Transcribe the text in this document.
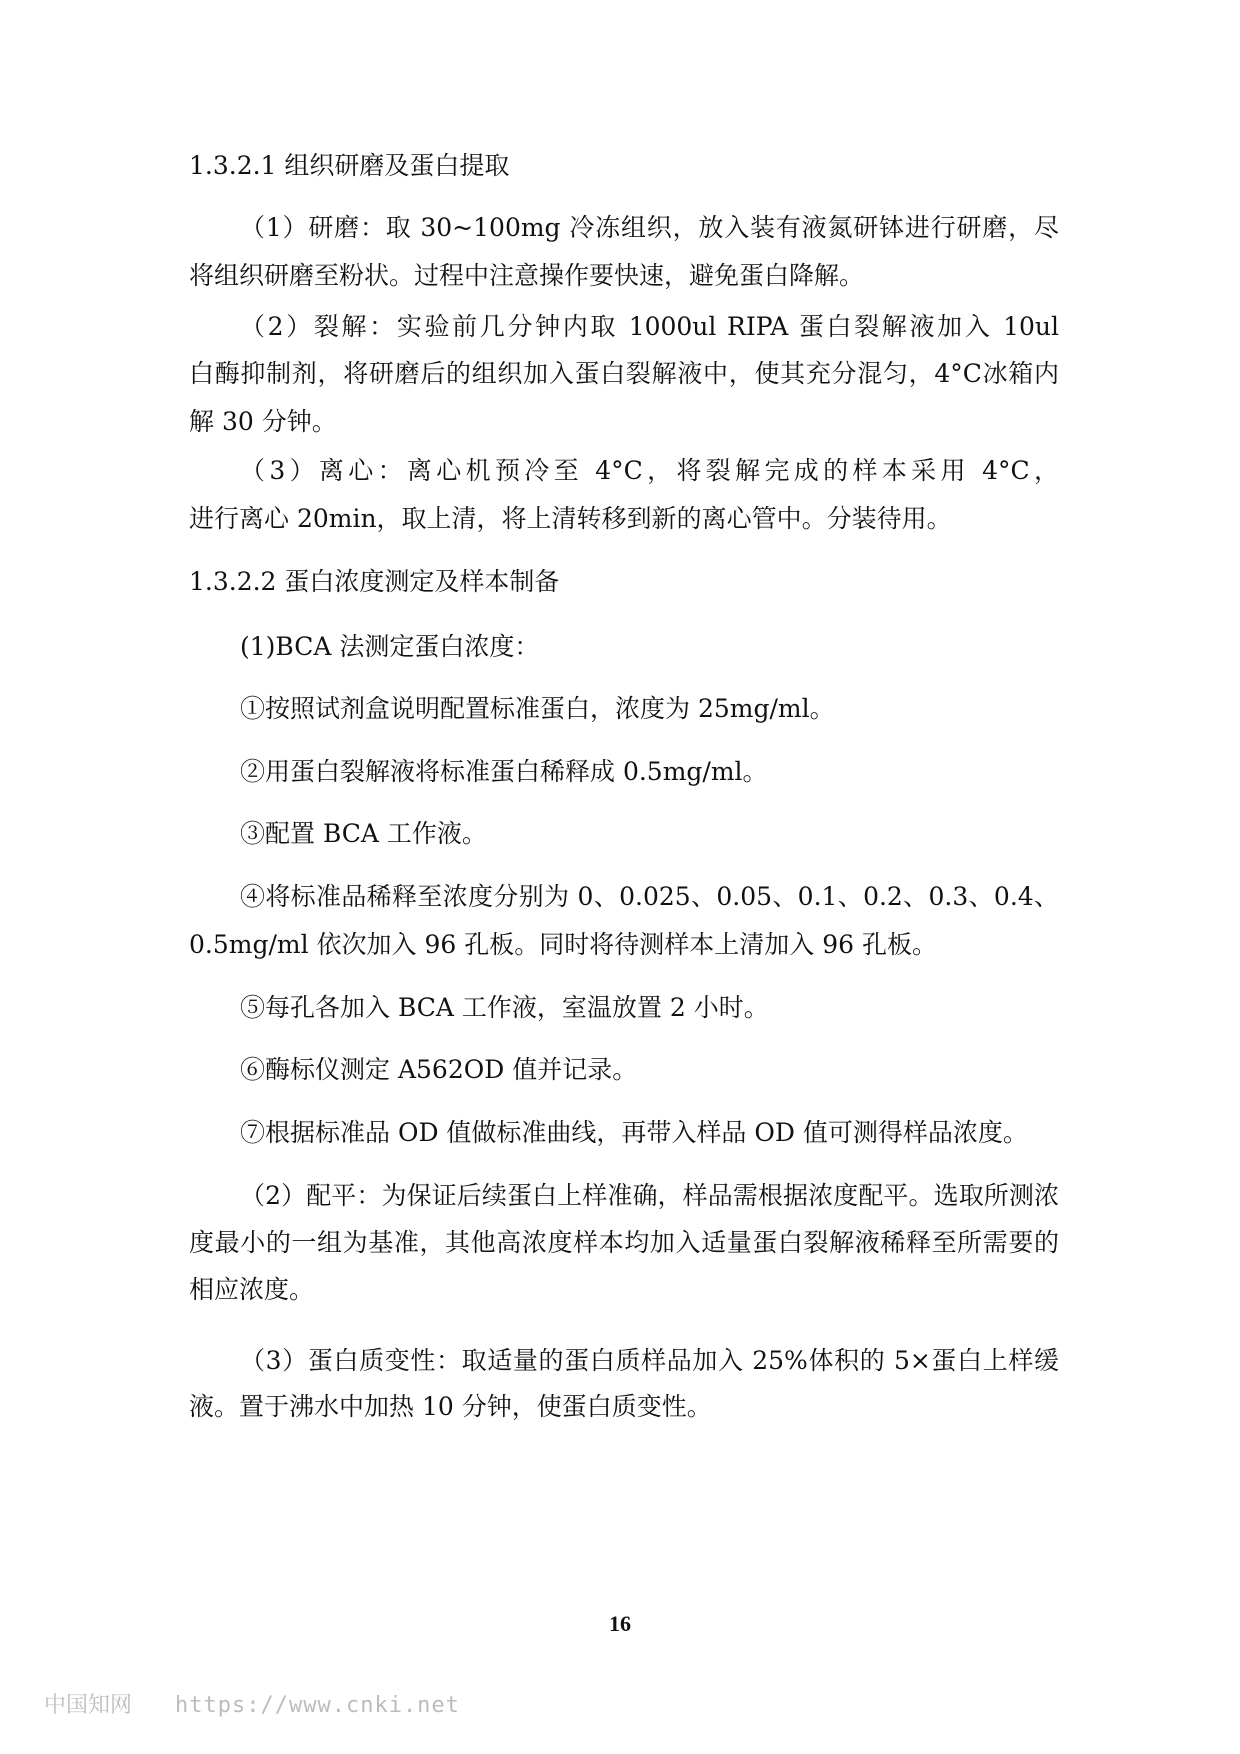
1.3.2.1 组织研磨及蛋白提取
（1）研磨：取 30~100mg 冷冻组织，放入装有液氮研钵进行研磨，尽
将组织研磨至粉状。过程中注意操作要快速，避免蛋白降解。
（2）裂解：实验前几分钟内取 1000ul RIPA 蛋白裂解液加入 10ul
白酶抑制剂，将研磨后的组织加入蛋白裂解液中，使其充分混匀，4°C冰箱内
解 30 分钟。
（3）离心：离心机预冷至 4°C，将裂解完成的样本采用 4°C，
进行离心 20min，取上清，将上清转移到新的离心管中。分装待用。
1.3.2.2 蛋白浓度测定及样本制备
(1)BCA 法测定蛋白浓度：
①按照试剂盒说明配置标准蛋白，浓度为 25mg/ml。
②用蛋白裂解液将标准蛋白稀释成 0.5mg/ml。
③配置 BCA 工作液。
④将标准品稀释至浓度分别为 0、0.025、0.05、0.1、0.2、0.3、0.4、
0.5mg/ml 依次加入 96 孔板。同时将待测样本上清加入 96 孔板。
⑤每孔各加入 BCA 工作液，室温放置 2 小时。
⑥酶标仪测定 A562OD 值并记录。
⑦根据标准品 OD 值做标准曲线，再带入样品 OD 值可测得样品浓度。
（2）配平：为保证后续蛋白上样准确，样品需根据浓度配平。选取所测浓
度最小的一组为基准，其他高浓度样本均加入适量蛋白裂解液稀释至所需要的
相应浓度。
（3）蛋白质变性：取适量的蛋白质样品加入 25%体积的 5×蛋白上样缓
液。置于沸水中加热 10 分钟，使蛋白质变性。
16
中国知网 https://www.cnki.net
